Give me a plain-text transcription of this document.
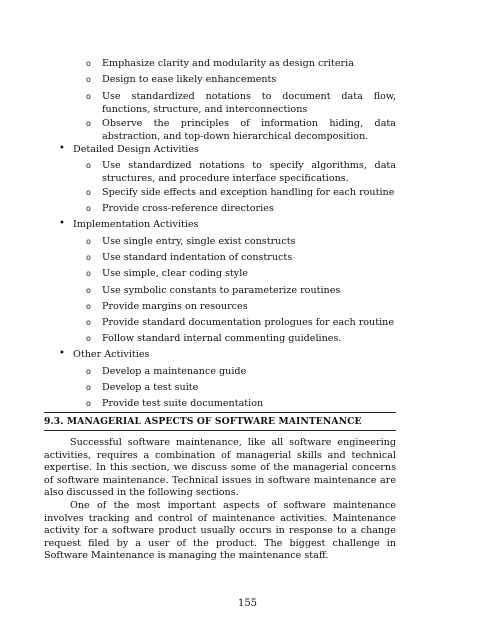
o Emphasize clarity and modularity as design criteria
o Design to ease likely enhancements
o Use standardized notations to document data flow, functions, structure, and interconnections
o Observe the principles of information hiding, data abstraction, and top-down hierarchical decomposition.
• Detailed Design Activities
o Use standardized notations to specify algorithms, data structures, and procedure interface specifications.
o Specify side effects and exception handling for each routine
o Provide cross-reference directories
• Implementation Activities
o Use single entry, single exist constructs
o Use standard indentation of constructs
o Use simple, clear coding style
o Use symbolic constants to parameterize routines
o Provide margins on resources
o Provide standard documentation prologues for each routine
o Follow standard internal commenting guidelines.
• Other Activities
o Develop a maintenance guide
o Develop a test suite
o Provide test suite documentation
9.3. MANAGERIAL ASPECTS OF SOFTWARE MAINTENANCE
Successful software maintenance, like all software engineering activities, requires a combination of managerial skills and technical expertise. In this section, we discuss some of the managerial concerns of software maintenance. Technical issues in software maintenance are also discussed in the following sections.
One of the most important aspects of software maintenance involves tracking and control of maintenance activities. Maintenance activity for a software product usually occurs in response to a change request filed by a user of the product. The biggest challenge in Software Maintenance is managing the maintenance staff.
155
